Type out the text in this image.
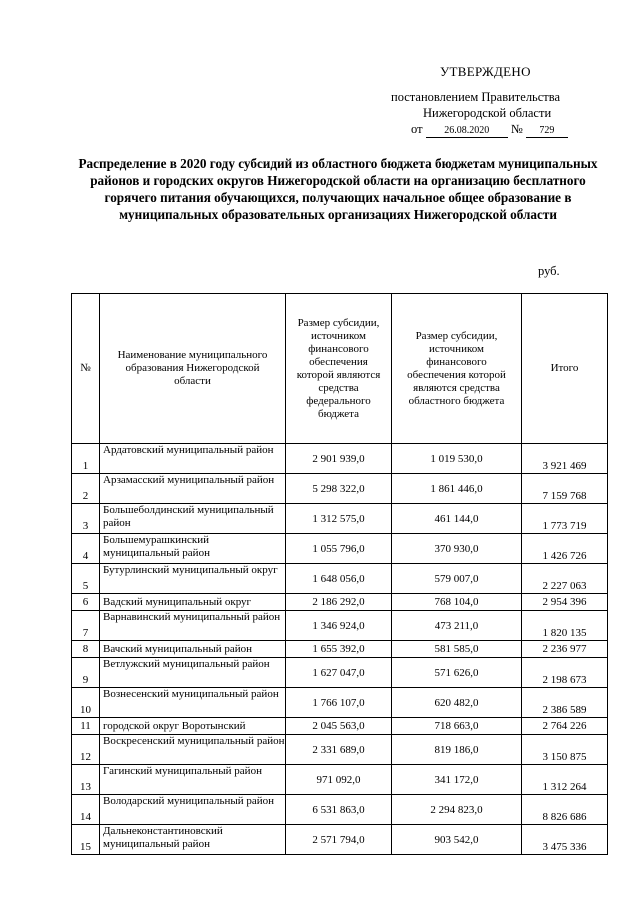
УТВЕРЖДЕНО
постановлением Правительства
Нижегородской области
от 26.08.2020 № 729
Распределение в 2020 году субсидий из областного бюджета бюджетам муниципальных районов и городских округов Нижегородской области на организацию бесплатного горячего питания обучающихся, получающих начальное общее образование в муниципальных образовательных организациях Нижегородской области
руб.
№	Наименование муниципального образования Нижегородской области	Размер субсидии, источником финансового обеспечения которой являются средства федерального бюджета	Размер субсидии, источником финансового обеспечения которой являются средства областного бюджета	Итого
1	Ардатовский муниципальный район	2 901 939,0	1 019 530,0	3 921 469
2	Арзамасский муниципальный район	5 298 322,0	1 861 446,0	7 159 768
3	Большеболдинский муниципальный район	1 312 575,0	461 144,0	1 773 719
4	Большемурашкинский муниципальный район	1 055 796,0	370 930,0	1 426 726
5	Бутурлинский муниципальный округ	1 648 056,0	579 007,0	2 227 063
6	Вадский муниципальный округ	2 186 292,0	768 104,0	2 954 396
7	Варнавинский муниципальный район	1 346 924,0	473 211,0	1 820 135
8	Вачский муниципальный район	1 655 392,0	581 585,0	2 236 977
9	Ветлужский муниципальный район	1 627 047,0	571 626,0	2 198 673
10	Вознесенский муниципальный район	1 766 107,0	620 482,0	2 386 589
11	городской округ Воротынский	2 045 563,0	718 663,0	2 764 226
12	Воскресенский муниципальный район	2 331 689,0	819 186,0	3 150 875
13	Гагинский муниципальный район	971 092,0	341 172,0	1 312 264
14	Володарский муниципальный район	6 531 863,0	2 294 823,0	8 826 686
15	Дальнеконстантиновский муниципальный район	2 571 794,0	903 542,0	3 475 336
